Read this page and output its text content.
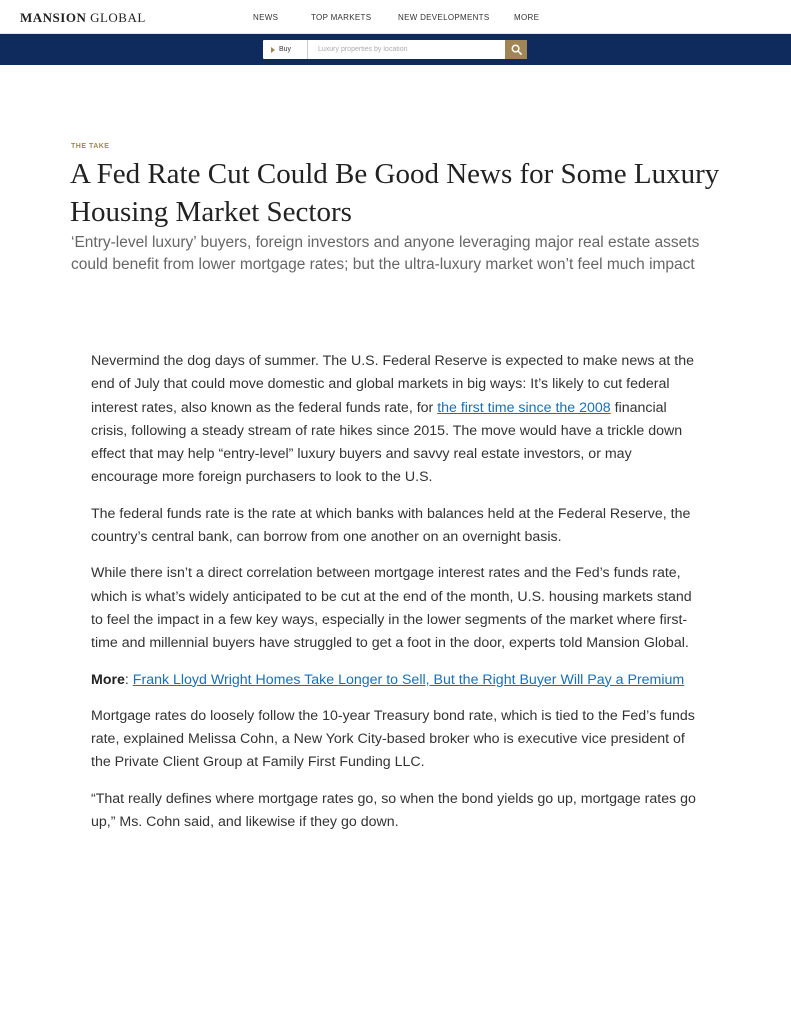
MANSION GLOBAL	NEWS	TOP MARKETS	NEW DEVELOPMENTS	MORE
Buy
Luxury properties by location
THE TAKE
A Fed Rate Cut Could Be Good News for Some Luxury Housing Market Sectors

‘Entry-level luxury’ buyers, foreign investors and anyone leveraging major real estate assets could benefit from lower mortgage rates; but the ultra-luxury market won’t feel much impact

Nevermind the dog days of summer. The U.S. Federal Reserve is expected to make news at the end of July that could move domestic and global markets in big ways: It’s likely to cut federal interest rates, also known as the federal funds rate, for the first time since the 2008 financial crisis, following a steady stream of rate hikes since 2015. The move would have a trickle down effect that may help “entry-level” luxury buyers and savvy real estate investors, or may encourage more foreign purchasers to look to the U.S.

The federal funds rate is the rate at which banks with balances held at the Federal Reserve, the country’s central bank, can borrow from one another on an overnight basis.

While there isn’t a direct correlation between mortgage interest rates and the Fed’s funds rate, which is what’s widely anticipated to be cut at the end of the month, U.S. housing markets stand to feel the impact in a few key ways, especially in the lower segments of the market where first-time and millennial buyers have struggled to get a foot in the door, experts told Mansion Global.

More: Frank Lloyd Wright Homes Take Longer to Sell, But the Right Buyer Will Pay a Premium

Mortgage rates do loosely follow the 10-year Treasury bond rate, which is tied to the Fed’s funds rate, explained Melissa Cohn, a New York City-based broker who is executive vice president of the Private Client Group at Family First Funding LLC.

“That really defines where mortgage rates go, so when the bond yields go up, mortgage rates go up,” Ms. Cohn said, and likewise if they go down.
